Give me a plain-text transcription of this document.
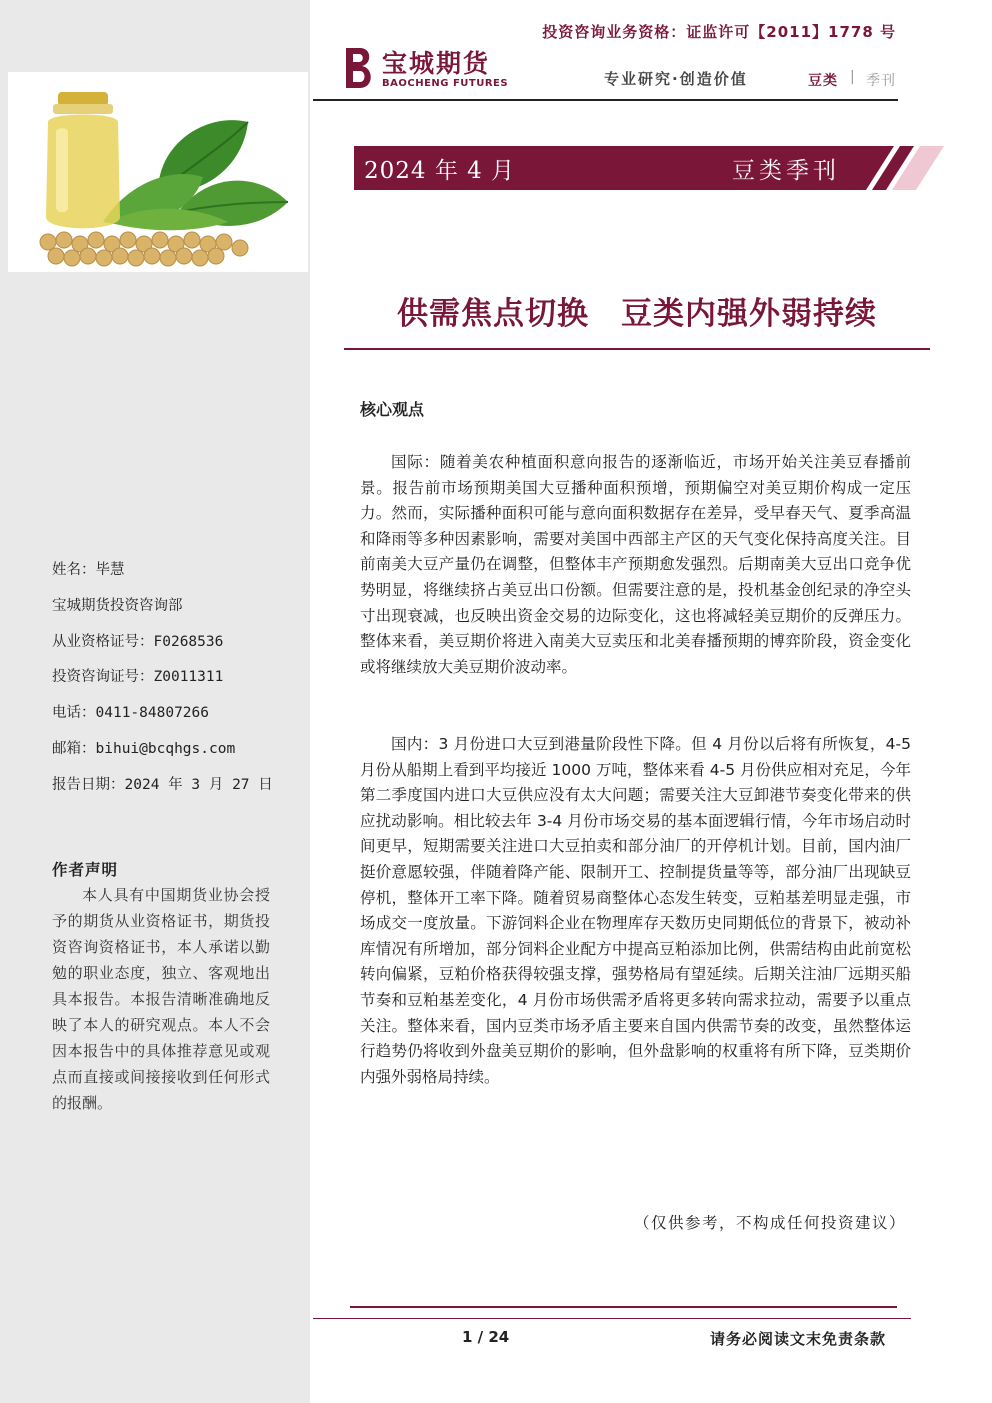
姓名：毕慧
宝城期货投资咨询部
从业资格证号：F0268536
投资咨询证号：Z0011311
电话：0411-84807266
邮箱：bihui@bcqhgs.com
报告日期：2024 年 3 月 27 日
作者声明
本人具有中国期货业协会授予的期货从业资格证书，期货投资咨询资格证书，本人承诺以勤勉的职业态度，独立、客观地出具本报告。本报告清晰准确地反映了本人的研究观点。本人不会因本报告中的具体推荐意见或观点而直接或间接接收到任何形式的报酬。
投资咨询业务资格：证监许可【2011】1778 号
宝城期货
BAOCHENG FUTURES	专业研究·创造价值	豆类 | 季刊
2024 年 4 月	豆类季刊
供需焦点切换　豆类内强外弱持续
核心观点

国际：随着美农种植面积意向报告的逐渐临近，市场开始关注美豆春播前景。报告前市场预期美国大豆播种面积预增，预期偏空对美豆期价构成一定压力。然而，实际播种面积可能与意向面积数据存在差异，受早春天气、夏季高温和降雨等多种因素影响，需要对美国中西部主产区的天气变化保持高度关注。目前南美大豆产量仍在调整，但整体丰产预期愈发强烈。后期南美大豆出口竞争优势明显，将继续挤占美豆出口份额。但需要注意的是，投机基金创纪录的净空头寸出现衰减，也反映出资金交易的边际变化，这也将减轻美豆期价的反弹压力。整体来看，美豆期价将进入南美大豆卖压和北美春播预期的博弈阶段，资金变化或将继续放大美豆期价波动率。

国内：3 月份进口大豆到港量阶段性下降。但 4 月份以后将有所恢复，4-5 月份从船期上看到平均接近 1000 万吨，整体来看 4-5 月份供应相对充足，今年第二季度国内进口大豆供应没有太大问题；需要关注大豆卸港节奏变化带来的供应扰动影响。相比较去年 3-4 月份市场交易的基本面逻辑行情，今年市场启动时间更早，短期需要关注进口大豆拍卖和部分油厂的开停机计划。目前，国内油厂挺价意愿较强，伴随着降产能、限制开工、控制提货量等等，部分油厂出现缺豆停机，整体开工率下降。随着贸易商整体心态发生转变，豆粕基差明显走强，市场成交一度放量。下游饲料企业在物理库存天数历史同期低位的背景下，被动补库情况有所增加，部分饲料企业配方中提高豆粕添加比例，供需结构由此前宽松转向偏紧，豆粕价格获得较强支撑，强势格局有望延续。后期关注油厂远期买船节奏和豆粕基差变化，4 月份市场供需矛盾将更多转向需求拉动，需要予以重点关注。整体来看，国内豆类市场矛盾主要来自国内供需节奏的改变，虽然整体运行趋势仍将收到外盘美豆期价的影响，但外盘影响的权重将有所下降，豆类期价内强外弱格局持续。

（仅供参考，不构成任何投资建议）
1 / 24	请务必阅读文末免责条款
